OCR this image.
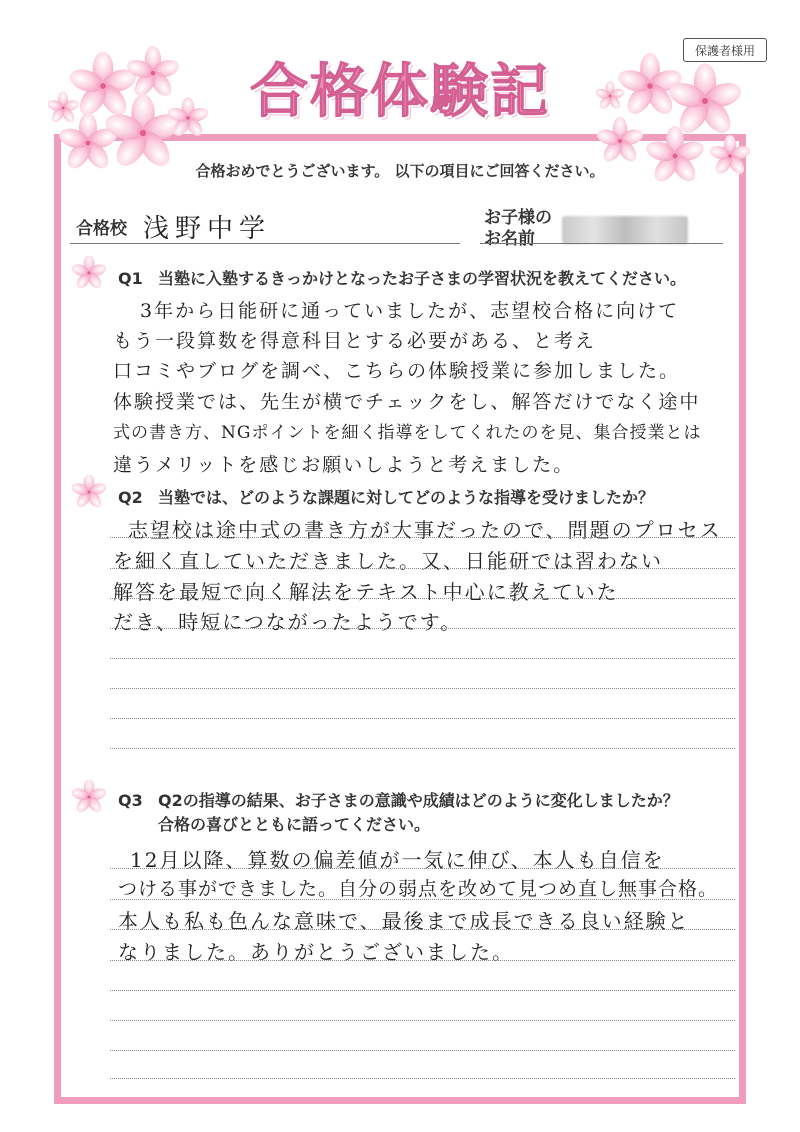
保護者様用
合格体験記
合格おめでとうございます。 以下の項目にご回答ください。
合格校 浅野中学	お子様の
お名前
Q1 当塾に入塾するきっかけとなったお子さまの学習状況を教えてください。
3年から日能研に通っていましたが、志望校合格に向けて
もう一段算数を得意科目とする必要がある、と考え
口コミやブログを調べ、こちらの体験授業に参加しました。
体験授業では、先生が横でチェックをし、解答だけでなく途中
式の書き方、NGポイントを細く指導をしてくれたのを見、集合授業とは
違うメリットを感じお願いしようと考えました。
Q2 当塾では、どのような課題に対してどのような指導を受けましたか？
志望校は途中式の書き方が大事だったので、問題のプロセス
を細く直していただきました。又、日能研では習わない
解答を最短で向く解法をテキスト中心に教えていた
だき、時短につながったようです。
Q3 Q2の指導の結果、お子さまの意識や成績はどのように変化しましたか？
合格の喜びとともに語ってください。
12月以降、算数の偏差値が一気に伸び、本人も自信を
つける事ができました。自分の弱点を改めて見つめ直し無事合格。
本人も私も色んな意味で、最後まで成長できる良い経験と
なりました。ありがとうございました。
